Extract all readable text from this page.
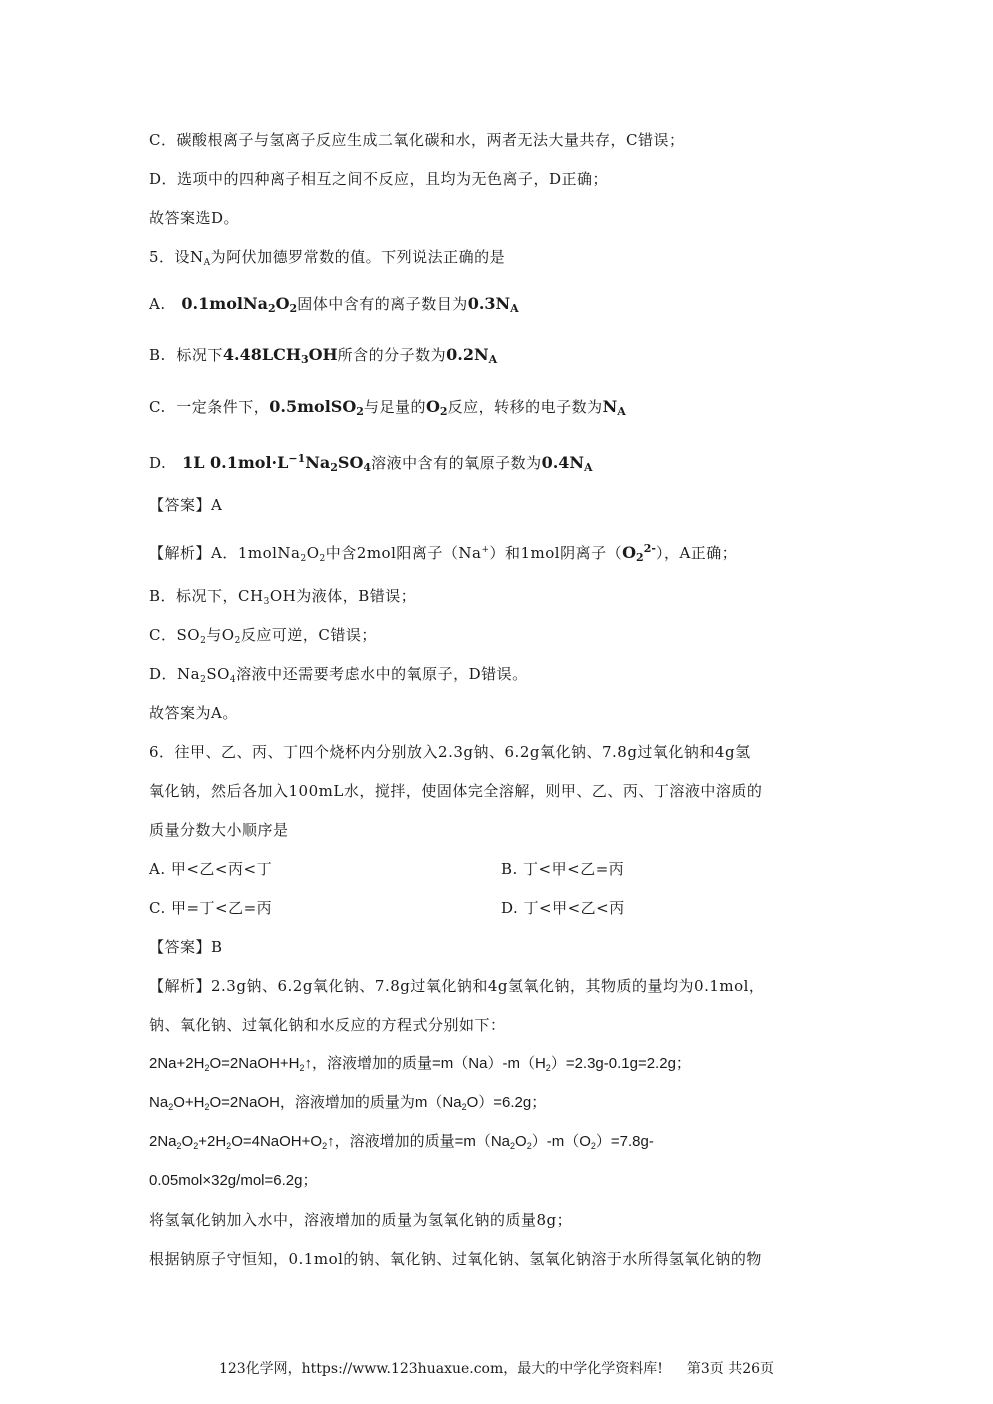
C．碳酸根离子与氢离子反应生成二氧化碳和水，两者无法大量共存，C错误；
D．选项中的四种离子相互之间不反应，且均为无色离子，D正确；
故答案选D。
5．设$N_A$为阿伏加德罗常数的值。下列说法正确的是
A. $0.1molNa_2O_2$固体中含有的离子数目为$0.3N_A$
B. 标况下$4.48LCH_3OH$所含的分子数为$0.2N_A$
C. 一定条件下，0.5molSO$_2$与足量的$O_2$反应，转移的电子数为$N_A$
D. 1L $0.1mol\cdot L^{-1}Na_2SO_4$溶液中含有的氧原子数为$0.4N_A$
【答案】A
【解析】A．$1molNa_2O_2$中含2mol阳离子（Na+）和1mol阴离子$(O_2^{2-})$，A正确；
B．标况下，$CH_3OH$为液体，B错误；
C．$SO_2$与$O_2$反应可逆，C错误；
D．$Na_2SO_4$溶液中还需要考虑水中的氧原子，D错误。
故答案为A。
6．往甲、乙、丙、丁四个烧杯内分别放入2.3g钠、6.2g氧化钠、7.8g过氧化钠和4g氢
氧化钠，然后各加入100mL水，搅拌，使固体完全溶解，则甲、乙、丙、丁溶液中溶质的
质量分数大小顺序是
A. 甲<乙<丙<丁	B. 丁<甲<乙=丙
C. 甲=丁<乙=丙	D. 丁<甲<乙<丙
【答案】B
【解析】2.3g钠、6.2g氧化钠、7.8g过氧化钠和4g氢氧化钠，其物质的量均为0.1mol，
钠、氧化钠、过氧化钠和水反应的方程式分别如下：
$2Na+2H_2O=2NaOH+H_2↑$，溶液增加的质量$=m(Na)-m(H_2)=2.3g-0.1g=2.2g$；
$Na_2O+H_2O=2NaOH$，溶液增加的质量为$m(Na_2O)=6.2g$；
$2Na_2O_2+2H_2O=4NaOH+O_2↑$，溶液增加的质量$=m(Na_2O_2)-m(O_2)=7.8g-$
0.05mol×32g/mol=6.2g；
将氢氧化钠加入水中，溶液增加的质量为氢氧化钠的质量8g；
根据钠原子守恒知，0.1mol的钠、氧化钠、过氧化钠、氢氧化钠溶于水所得氢氧化钠的物
123化学网，https://www.123huaxue.com，最大的中学化学资料库! 第3页 共26页
